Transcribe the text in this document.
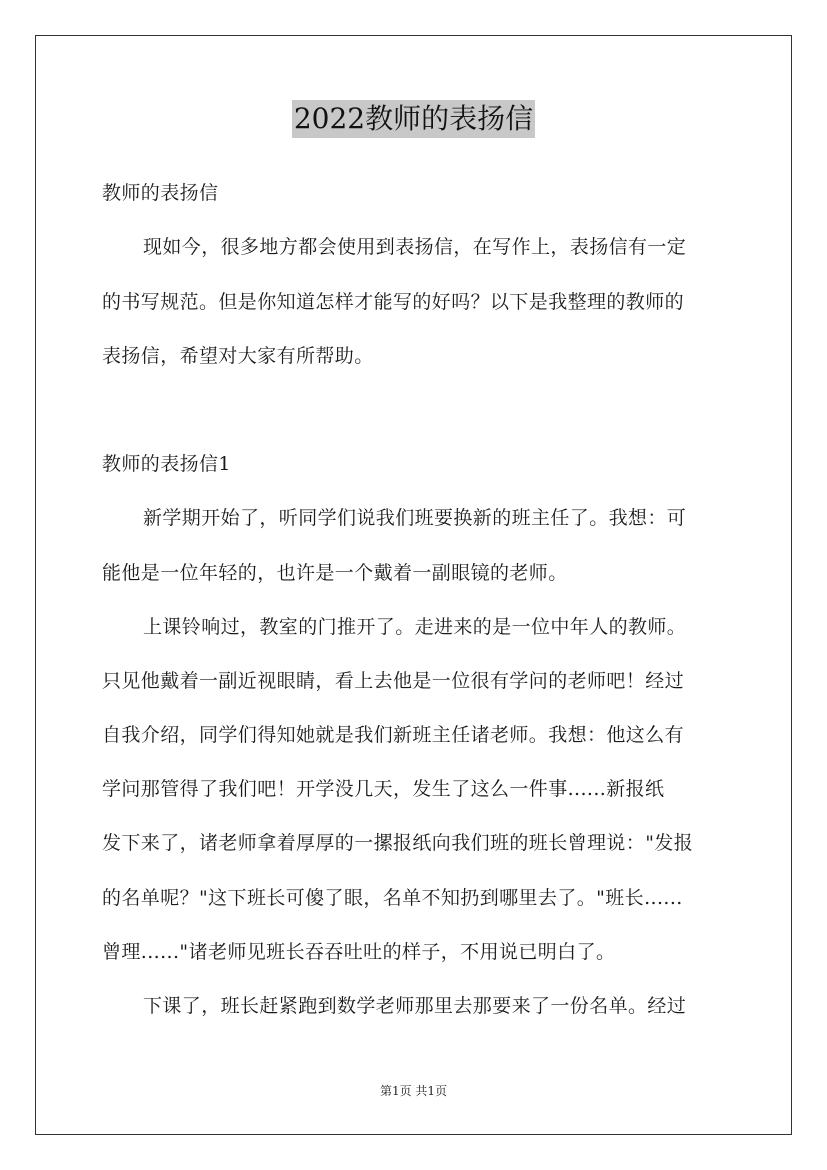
2022教师的表扬信
教师的表扬信
现如今，很多地方都会使用到表扬信，在写作上，表扬信有一定
的书写规范。但是你知道怎样才能写的好吗？以下是我整理的教师的
表扬信，希望对大家有所帮助。
教师的表扬信1
新学期开始了，听同学们说我们班要换新的班主任了。我想：可
能他是一位年轻的，也许是一个戴着一副眼镜的老师。
上课铃响过，教室的门推开了。走进来的是一位中年人的教师。
只见他戴着一副近视眼睛，看上去他是一位很有学问的老师吧！经过
自我介绍，同学们得知她就是我们新班主任诸老师。我想：他这么有
学问那管得了我们吧！开学没几天，发生了这么一件事......新报纸
发下来了，诸老师拿着厚厚的一摞报纸向我们班的班长曾理说："发报
的名单呢？"这下班长可傻了眼，名单不知扔到哪里去了。"班长......
曾理......"诸老师见班长吞吞吐吐的样子，不用说已明白了。
下课了，班长赶紧跑到数学老师那里去那要来了一份名单。经过
第1页 共1页
